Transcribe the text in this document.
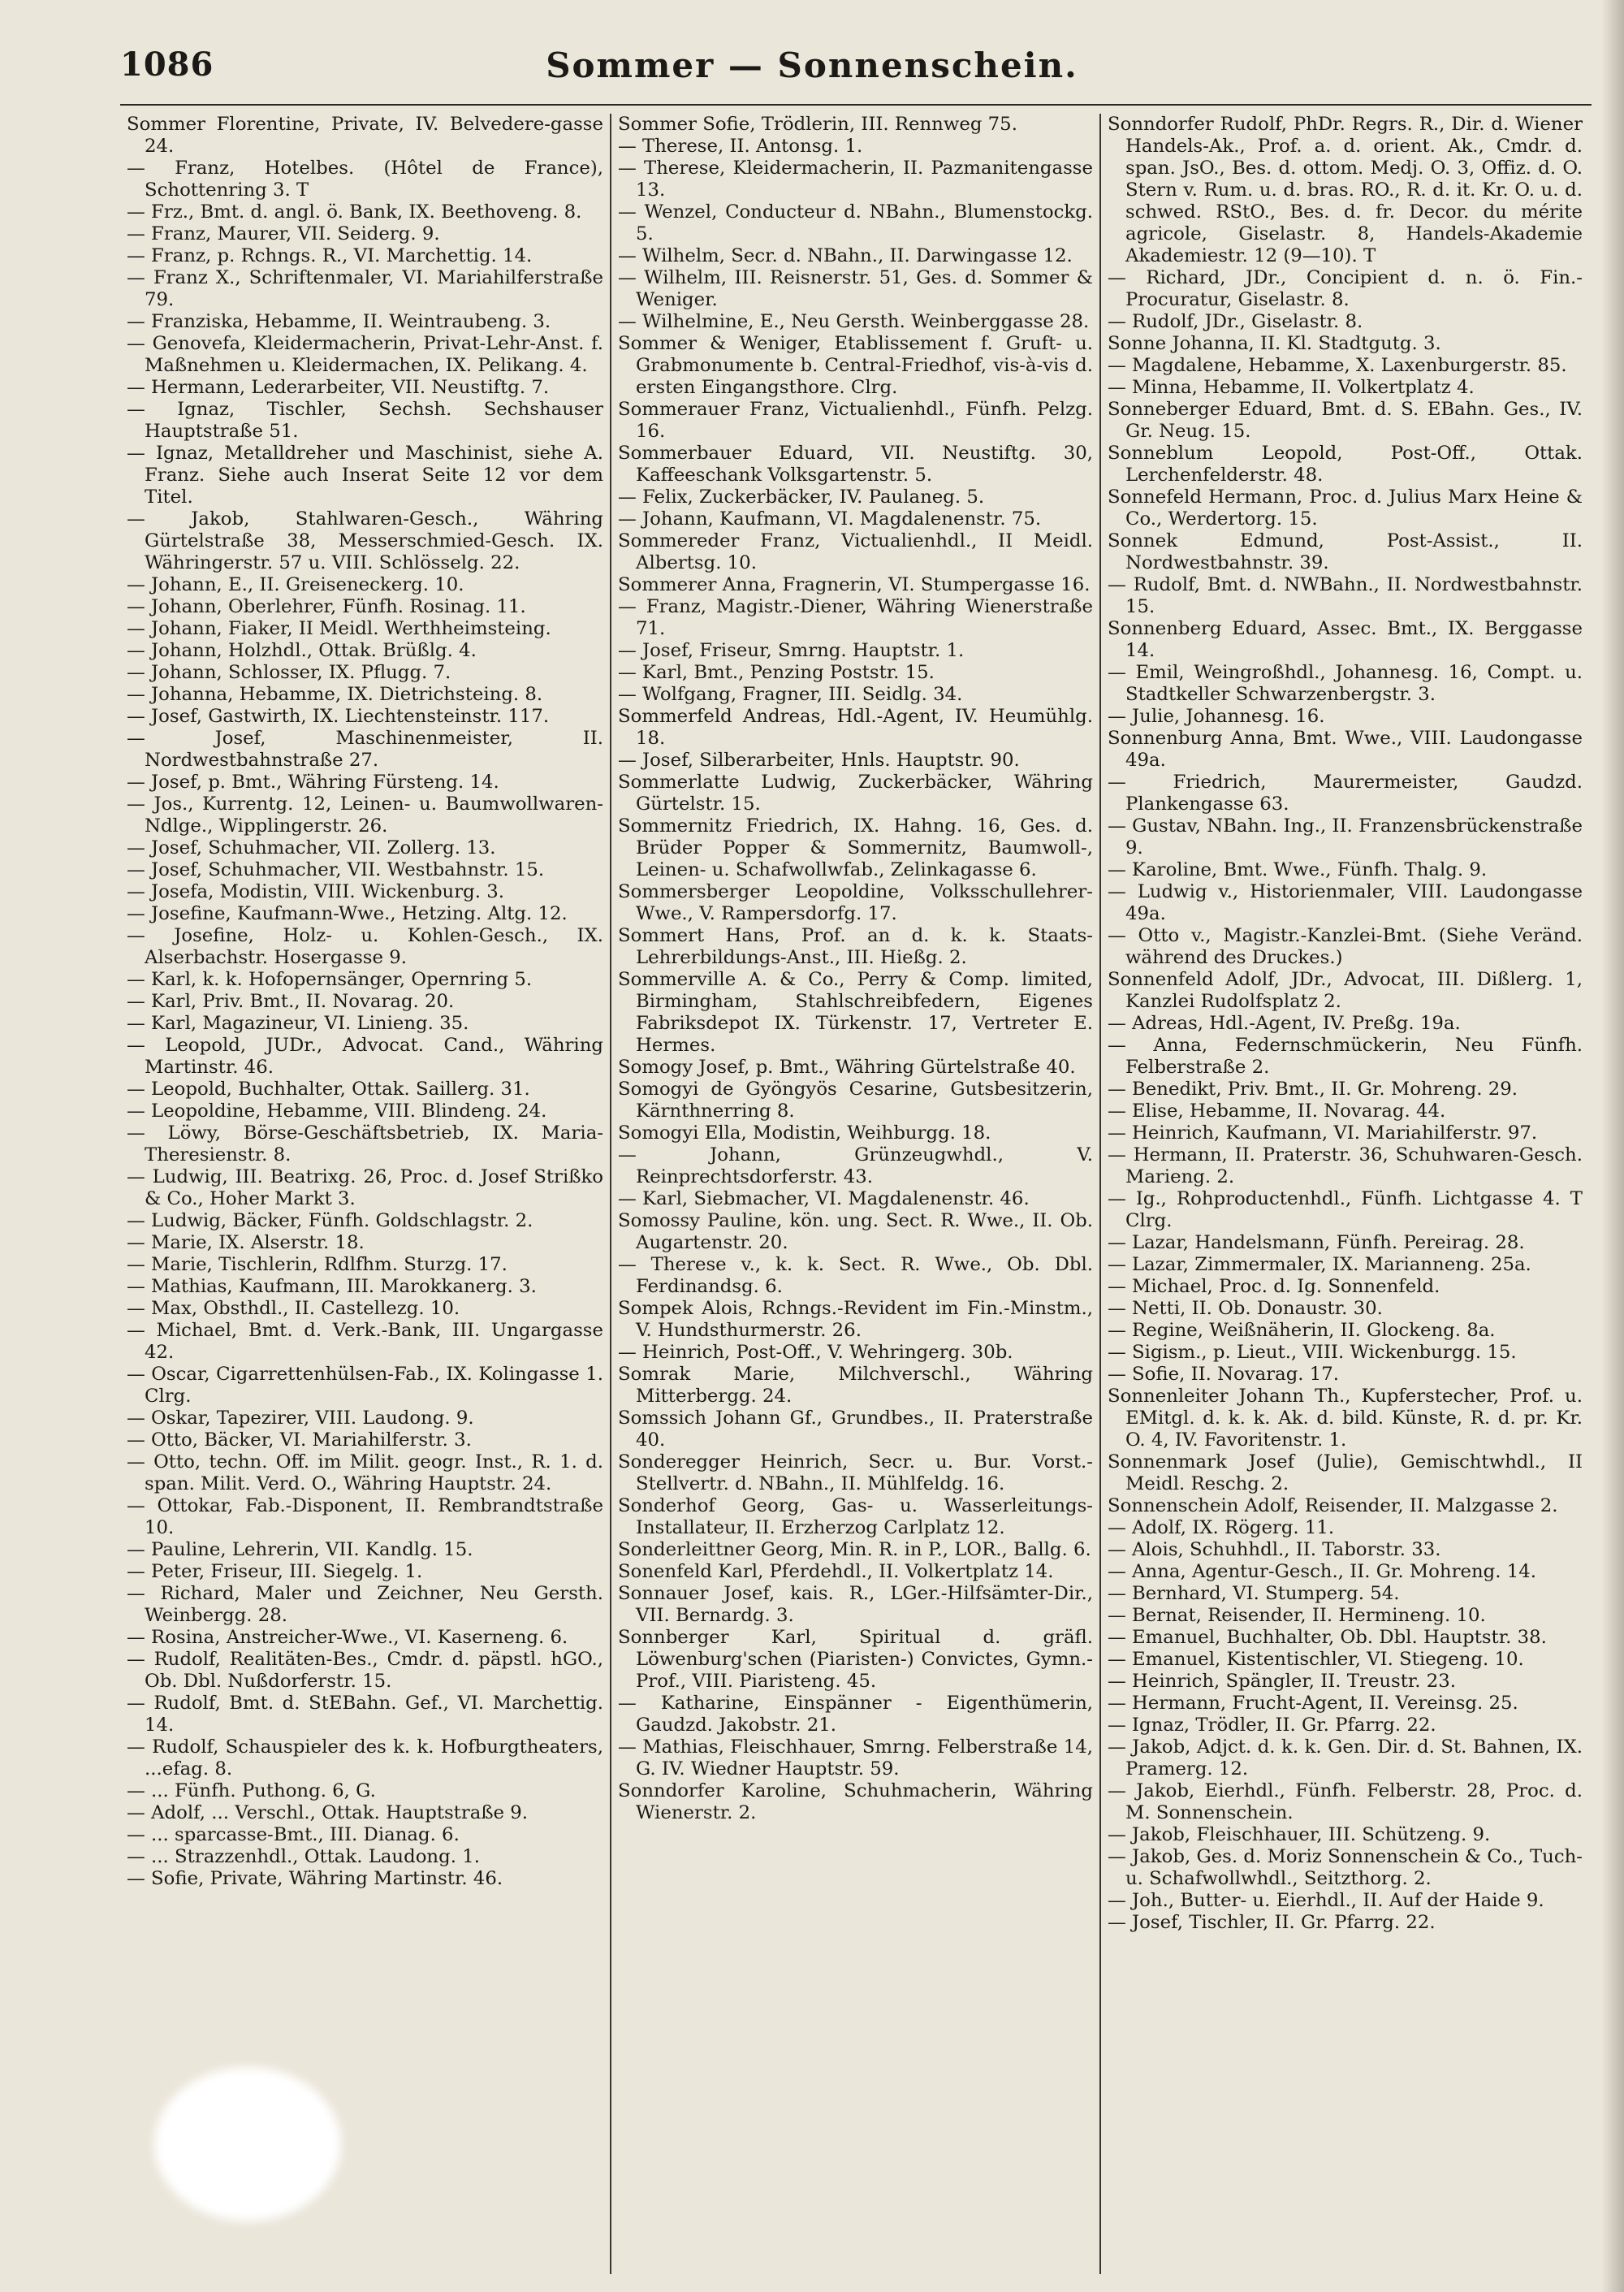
1086	Sommer — Sonnenschein.

Sommer Florentine, Private, IV. Belvedere-gasse 24.

— Franz, Hotelbes. (Hôtel de France), Schottenring 3. T

— Frz., Bmt. d. angl. ö. Bank, IX. Beethoveng. 8.

— Franz, Maurer, VII. Seiderg. 9.

— Franz, p. Rchngs. R., VI. Marchettig. 14.

— Franz X., Schriftenmaler, VI. Mariahilferstraße 79.

— Franziska, Hebamme, II. Weintraubeng. 3.

— Genovefa, Kleidermacherin, Privat-Lehr-Anst. f. Maßnehmen u. Kleidermachen, IX. Pelikang. 4.

— Hermann, Lederarbeiter, VII. Neustiftg. 7.

— Ignaz, Tischler, Sechsh. Sechshauser Hauptstraße 51.

— Ignaz, Metalldreher und Maschinist, siehe A. Franz. Siehe auch Inserat Seite 12 vor dem Titel.

— Jakob, Stahlwaren-Gesch., Währing Gürtelstraße 38, Messerschmied-Gesch. IX. Währingerstr. 57 u. VIII. Schlösselg. 22.

— Johann, E., II. Greiseneckerg. 10.

— Johann, Oberlehrer, Fünfh. Rosinag. 11.

— Johann, Fiaker, II Meidl. Werthheimsteing.

— Johann, Holzhdl., Ottak. Brüßlg. 4.

— Johann, Schlosser, IX. Pflugg. 7.

— Johanna, Hebamme, IX. Dietrichsteing. 8.

— Josef, Gastwirth, IX. Liechtensteinstr. 117.

— Josef, Maschinenmeister, II. Nordwestbahnstraße 27.

— Josef, p. Bmt., Währing Fürsteng. 14.

— Jos., Kurrentg. 12, Leinen- u. Baumwollwaren-Ndlge., Wipplingerstr. 26.

— Josef, Schuhmacher, VII. Zollerg. 13.

— Josef, Schuhmacher, VII. Westbahnstr. 15.

— Josefa, Modistin, VIII. Wickenburg. 3.

— Josefine, Kaufmann-Wwe., Hetzing. Altg. 12.

— Josefine, Holz- u. Kohlen-Gesch., IX. Alserbachstr. Hosergasse 9.

— Karl, k. k. Hofopernsänger, Opernring 5.

— Karl, Priv. Bmt., II. Novarag. 20.

— Karl, Magazineur, VI. Linieng. 35.

— Leopold, JUDr., Advocat. Cand., Währing Martinstr. 46.

— Leopold, Buchhalter, Ottak. Saillerg. 31.

— Leopoldine, Hebamme, VIII. Blindeng. 24.

— Löwy, Börse-Geschäftsbetrieb, IX. Maria-Theresienstr. 8.

— Ludwig, III. Beatrixg. 26, Proc. d. Josef Strißko & Co., Hoher Markt 3.

— Ludwig, Bäcker, Fünfh. Goldschlagstr. 2.

— Marie, IX. Alserstr. 18.

— Marie, Tischlerin, Rdlfhm. Sturzg. 17.

— Mathias, Kaufmann, III. Marokkanerg. 3.

— Max, Obsthdl., II. Castellezg. 10.

— Michael, Bmt. d. Verk.-Bank, III. Ungargasse 42.

— Oscar, Cigarrettenhülsen-Fab., IX. Kolingasse 1. Clrg.

— Oskar, Tapezirer, VIII. Laudong. 9.

— Otto, Bäcker, VI. Mariahilferstr. 3.

— Otto, techn. Off. im Milit. geogr. Inst., R. 1. d. span. Milit. Verd. O., Währing Hauptstr. 24.

— Ottokar, Fab.-Disponent, II. Rembrandtstraße 10.

— Pauline, Lehrerin, VII. Kandlg. 15.

— Peter, Friseur, III. Siegelg. 1.

— Richard, Maler und Zeichner, Neu Gersth. Weinbergg. 28.

— Rosina, Anstreicher-Wwe., VI. Kaserneng. 6.

— Rudolf, Realitäten-Bes., Cmdr. d. päpstl. hGO., Ob. Dbl. Nußdorferstr. 15.

— Rudolf, Bmt. d. StEBahn. Gef., VI. Marchettig. 14.

— Rudolf, Schauspieler des k. k. Hofburgtheaters, ...efag. 8.

— ... Fünfh. Puthong. 6, G.

— Adolf, ... Verschl., Ottak. Hauptstraße 9.

— ... sparcasse-Bmt., III. Dianag. 6.

— ... Strazzenhdl., Ottak. Laudong. 1.

— Sofie, Private, Währing Martinstr. 46.

Sommer Sofie, Trödlerin, III. Rennweg 75.

— Therese, II. Antonsg. 1.

— Therese, Kleidermacherin, II. Pazmanitengasse 13.

— Wenzel, Conducteur d. NBahn., Blumenstockg. 5.

— Wilhelm, Secr. d. NBahn., II. Darwingasse 12.

— Wilhelm, III. Reisnerstr. 51, Ges. d. Sommer & Weniger.

— Wilhelmine, E., Neu Gersth. Weinberggasse 28.

Sommer & Weniger, Etablissement f. Gruft- u. Grabmonumente b. Central-Friedhof, vis-à-vis d. ersten Eingangsthore. Clrg.

Sommerauer Franz, Victualienhdl., Fünfh. Pelzg. 16.

Sommerbauer Eduard, VII. Neustiftg. 30, Kaffeeschank Volksgartenstr. 5.

— Felix, Zuckerbäcker, IV. Paulaneg. 5.

— Johann, Kaufmann, VI. Magdalenenstr. 75.

Sommereder Franz, Victualienhdl., II Meidl. Albertsg. 10.

Sommerer Anna, Fragnerin, VI. Stumpergasse 16.

— Franz, Magistr.-Diener, Währing Wienerstraße 71.

— Josef, Friseur, Smrng. Hauptstr. 1.

— Karl, Bmt., Penzing Poststr. 15.

— Wolfgang, Fragner, III. Seidlg. 34.

Sommerfeld Andreas, Hdl.-Agent, IV. Heumühlg. 18.

— Josef, Silberarbeiter, Hnls. Hauptstr. 90.

Sommerlatte Ludwig, Zuckerbäcker, Währing Gürtelstr. 15.

Sommernitz Friedrich, IX. Hahng. 16, Ges. d. Brüder Popper & Sommernitz, Baumwoll-, Leinen- u. Schafwollwfab., Zelinkagasse 6.

Sommersberger Leopoldine, Volksschullehrer-Wwe., V. Rampersdorfg. 17.

Sommert Hans, Prof. an d. k. k. Staats-Lehrerbildungs-Anst., III. Hießg. 2.

Sommerville A. & Co., Perry & Comp. limited, Birmingham, Stahlschreibfedern, Eigenes Fabriksdepot IX. Türkenstr. 17, Vertreter E. Hermes.

Somogy Josef, p. Bmt., Währing Gürtelstraße 40.

Somogyi de Gyöngyös Cesarine, Gutsbesitzerin, Kärnthnerring 8.

Somogyi Ella, Modistin, Weihburgg. 18.

— Johann, Grünzeugwhdl., V. Reinprechtsdorferstr. 43.

— Karl, Siebmacher, VI. Magdalenenstr. 46.

Somossy Pauline, kön. ung. Sect. R. Wwe., II. Ob. Augartenstr. 20.

— Therese v., k. k. Sect. R. Wwe., Ob. Dbl. Ferdinandsg. 6.

Sompek Alois, Rchngs.-Revident im Fin.-Minstm., V. Hundsthurmerstr. 26.

— Heinrich, Post-Off., V. Wehringerg. 30b.

Somrak Marie, Milchverschl., Währing Mitterbergg. 24.

Somssich Johann Gf., Grundbes., II. Praterstraße 40.

Sonderegger Heinrich, Secr. u. Bur. Vorst.-Stellvertr. d. NBahn., II. Mühlfeldg. 16.

Sonderhof Georg, Gas- u. Wasserleitungs-Installateur, II. Erzherzog Carlplatz 12.

Sonderleittner Georg, Min. R. in P., LOR., Ballg. 6.

Sonenfeld Karl, Pferdehdl., II. Volkertplatz 14.

Sonnauer Josef, kais. R., LGer.-Hilfsämter-Dir., VII. Bernardg. 3.

Sonnberger Karl, Spiritual d. gräfl. Löwenburg'schen (Piaristen-) Convictes, Gymn.-Prof., VIII. Piaristeng. 45.

— Katharine, Einspänner - Eigenthümerin, Gaudzd. Jakobstr. 21.

— Mathias, Fleischhauer, Smrng. Felberstraße 14, G. IV. Wiedner Hauptstr. 59.

Sonndorfer Karoline, Schuhmacherin, Währing Wienerstr. 2.

Sonndorfer Rudolf, PhDr. Regrs. R., Dir. d. Wiener Handels-Ak., Prof. a. d. orient. Ak., Cmdr. d. span. JsO., Bes. d. ottom. Medj. O. 3, Offiz. d. O. Stern v. Rum. u. d. bras. RO., R. d. it. Kr. O. u. d. schwed. RStO., Bes. d. fr. Decor. du mérite agricole, Giselastr. 8, Handels-Akademie Akademiestr. 12 (9—10). T

— Richard, JDr., Concipient d. n. ö. Fin.-Procuratur, Giselastr. 8.

— Rudolf, JDr., Giselastr. 8.

Sonne Johanna, II. Kl. Stadtgutg. 3.

— Magdalene, Hebamme, X. Laxenburgerstr. 85.

— Minna, Hebamme, II. Volkertplatz 4.

Sonneberger Eduard, Bmt. d. S. EBahn. Ges., IV. Gr. Neug. 15.

Sonneblum Leopold, Post-Off., Ottak. Lerchenfelderstr. 48.

Sonnefeld Hermann, Proc. d. Julius Marx Heine & Co., Werdertorg. 15.

Sonnek Edmund, Post-Assist., II. Nordwestbahnstr. 39.

— Rudolf, Bmt. d. NWBahn., II. Nordwestbahnstr. 15.

Sonnenberg Eduard, Assec. Bmt., IX. Berggasse 14.

— Emil, Weingroßhdl., Johannesg. 16, Compt. u. Stadtkeller Schwarzenbergstr. 3.

— Julie, Johannesg. 16.

Sonnenburg Anna, Bmt. Wwe., VIII. Laudongasse 49a.

— Friedrich, Maurermeister, Gaudzd. Plankengasse 63.

— Gustav, NBahn. Ing., II. Franzensbrückenstraße 9.

— Karoline, Bmt. Wwe., Fünfh. Thalg. 9.

— Ludwig v., Historienmaler, VIII. Laudongasse 49a.

— Otto v., Magistr.-Kanzlei-Bmt. (Siehe Veränd. während des Druckes.)

Sonnenfeld Adolf, JDr., Advocat, III. Dißlerg. 1, Kanzlei Rudolfsplatz 2.

— Adreas, Hdl.-Agent, IV. Preßg. 19a.

— Anna, Federnschmückerin, Neu Fünfh. Felberstraße 2.

— Benedikt, Priv. Bmt., II. Gr. Mohreng. 29.

— Elise, Hebamme, II. Novarag. 44.

— Heinrich, Kaufmann, VI. Mariahilferstr. 97.

— Hermann, II. Praterstr. 36, Schuhwaren-Gesch. Marieng. 2.

— Ig., Rohproductenhdl., Fünfh. Lichtgasse 4. T Clrg.

— Lazar, Handelsmann, Fünfh. Pereirag. 28.

— Lazar, Zimmermaler, IX. Marianneng. 25a.

— Michael, Proc. d. Ig. Sonnenfeld.

— Netti, II. Ob. Donaustr. 30.

— Regine, Weißnäherin, II. Glockeng. 8a.

— Sigism., p. Lieut., VIII. Wickenburgg. 15.

— Sofie, II. Novarag. 17.

Sonnenleiter Johann Th., Kupferstecher, Prof. u. EMitgl. d. k. k. Ak. d. bild. Künste, R. d. pr. Kr. O. 4, IV. Favoritenstr. 1.

Sonnenmark Josef (Julie), Gemischtwhdl., II Meidl. Reschg. 2.

Sonnenschein Adolf, Reisender, II. Malzgasse 2.

— Adolf, IX. Rögerg. 11.

— Alois, Schuhhdl., II. Taborstr. 33.

— Anna, Agentur-Gesch., II. Gr. Mohreng. 14.

— Bernhard, VI. Stumperg. 54.

— Bernat, Reisender, II. Hermineng. 10.

— Emanuel, Buchhalter, Ob. Dbl. Hauptstr. 38.

— Emanuel, Kistentischler, VI. Stiegeng. 10.

— Heinrich, Spängler, II. Treustr. 23.

— Hermann, Frucht-Agent, II. Vereinsg. 25.

— Ignaz, Trödler, II. Gr. Pfarrg. 22.

— Jakob, Adjct. d. k. k. Gen. Dir. d. St. Bahnen, IX. Pramerg. 12.

— Jakob, Eierhdl., Fünfh. Felberstr. 28, Proc. d. M. Sonnenschein.

— Jakob, Fleischhauer, III. Schützeng. 9.

— Jakob, Ges. d. Moriz Sonnenschein & Co., Tuch- u. Schafwollwhdl., Seitzthorg. 2.

— Joh., Butter- u. Eierhdl., II. Auf der Haide 9.

— Josef, Tischler, II. Gr. Pfarrg. 22.
